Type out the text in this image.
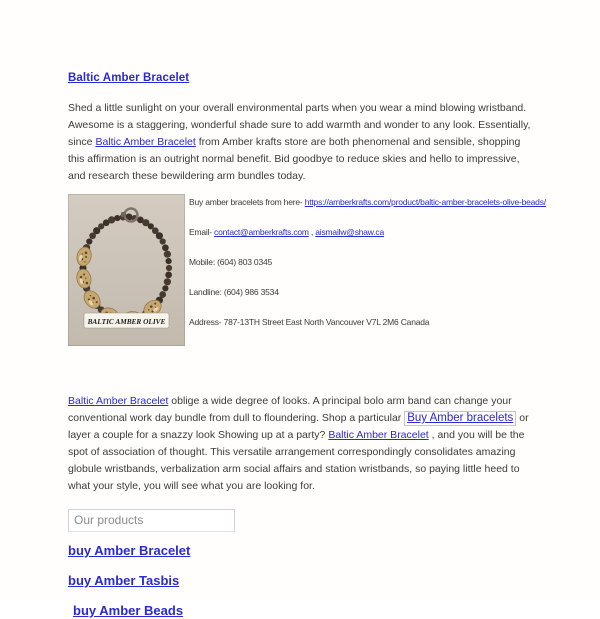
Baltic Amber Bracelet

Shed a little sunlight on your overall environmental parts when you wear a mind blowing wristband. Awesome is a staggering, wonderful shade sure to add warmth and wonder to any look. Essentially, since Baltic Amber Bracelet from Amber krafts store are both phenomenal and sensible, shopping this affirmation is an outright normal benefit. Bid goodbye to reduce skies and hello to impressive, and research these bewildering arm bundles today.

BALTIC AMBER OLIVE

Buy amber bracelets from here- https://amberkrafts.com/product/baltic-amber-bracelets-olive-beads/

Email- contact@amberkrafts.com , aismailw@shaw.ca

Mobile: (604) 803 0345

Landline: (604) 986 3534

Address- 787-13TH Street East North Vancouver V7L 2M6 Canada

Baltic Amber Bracelet oblige a wide degree of looks. A principal bolo arm band can change your conventional work day bundle from dull to floundering. Shop a particular Buy Amber bracelets or layer a couple for a snazzy look Showing up at a party? Baltic Amber Bracelet , and you will be the spot of association of thought. This versatile arrangement correspondingly consolidates amazing globule wristbands, verbalization arm social affairs and station wristbands, so paying little heed to what your style, you will see what you are looking for.

Our products
buy Amber Bracelet
buy Amber Tasbis
buy Amber Beads
